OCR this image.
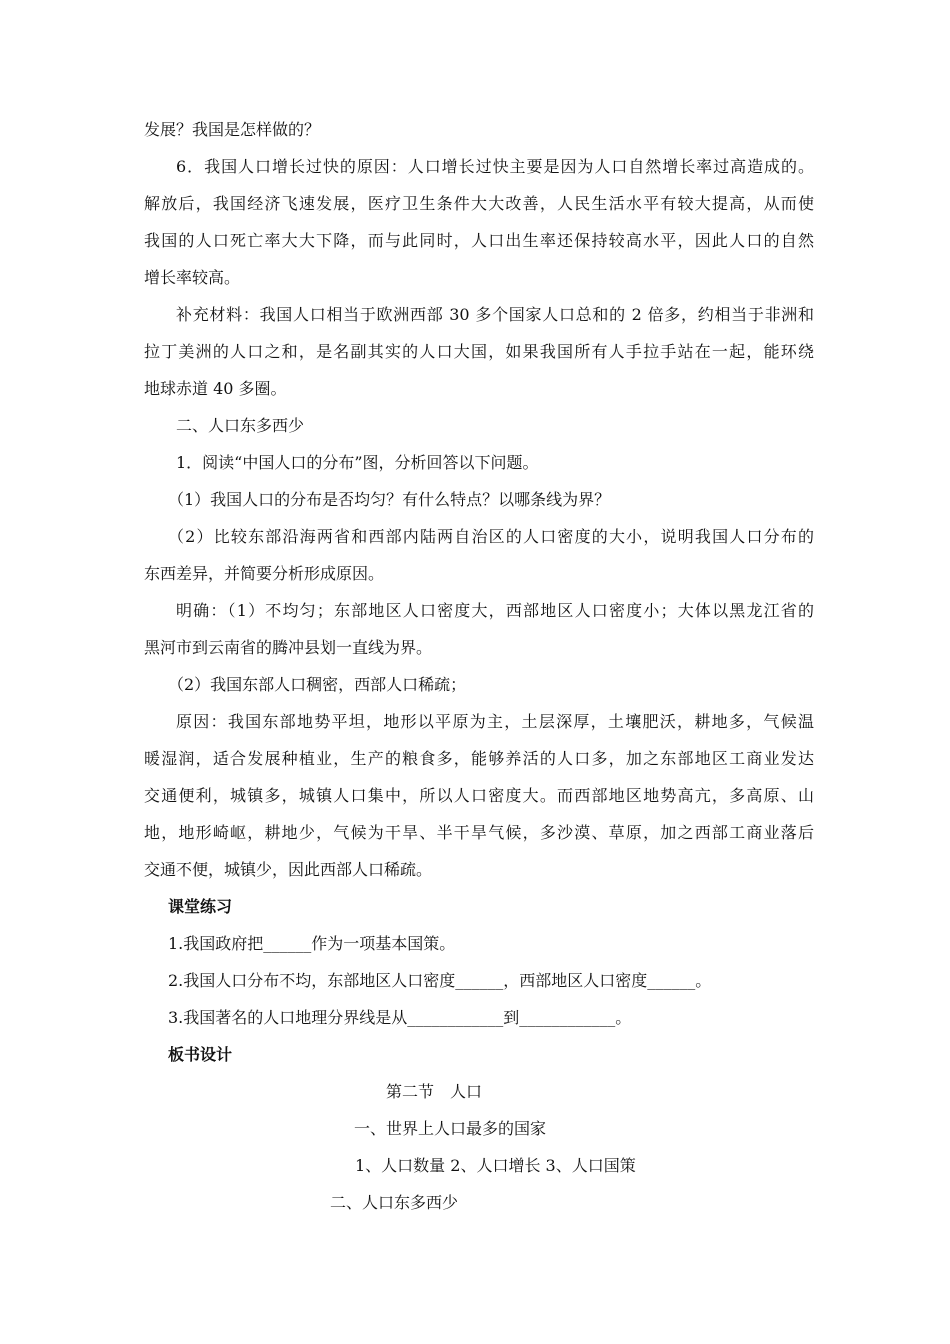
发展？我国是怎样做的？
6．我国人口增长过快的原因：人口增长过快主要是因为人口自然增长率过高造成的。
解放后，我国经济飞速发展，医疗卫生条件大大改善，人民生活水平有较大提高，从而使
我国的人口死亡率大大下降，而与此同时，人口出生率还保持较高水平，因此人口的自然
增长率较高。
补充材料：我国人口相当于欧洲西部 30 多个国家人口总和的 2 倍多，约相当于非洲和
拉丁美洲的人口之和，是名副其实的人口大国，如果我国所有人手拉手站在一起，能环绕
地球赤道 40 多圈。
二、人口东多西少
1．阅读“中国人口的分布”图，分析回答以下问题。
（1）我国人口的分布是否均匀？有什么特点？以哪条线为界？
（2）比较东部沿海两省和西部内陆两自治区的人口密度的大小，说明我国人口分布的
东西差异，并简要分析形成原因。
明确：（1）不均匀；东部地区人口密度大，西部地区人口密度小；大体以黑龙江省的
黑河市到云南省的腾冲县划一直线为界。
（2）我国东部人口稠密，西部人口稀疏；
原因：我国东部地势平坦，地形以平原为主，土层深厚，土壤肥沃，耕地多，气候温
暖湿润，适合发展种植业，生产的粮食多，能够养活的人口多，加之东部地区工商业发达
交通便利，城镇多，城镇人口集中，所以人口密度大。而西部地区地势高亢，多高原、山
地，地形崎岖，耕地少，气候为干旱、半干旱气候，多沙漠、草原，加之西部工商业落后
交通不便，城镇少，因此西部人口稀疏。
课堂练习
1.我国政府把______作为一项基本国策。
2.我国人口分布不均，东部地区人口密度______，西部地区人口密度______。
3.我国著名的人口地理分界线是从____________到____________。
板书设计
第二节　人口
一、世界上人口最多的国家
1、人口数量 2、人口增长 3、人口国策
二、人口东多西少
